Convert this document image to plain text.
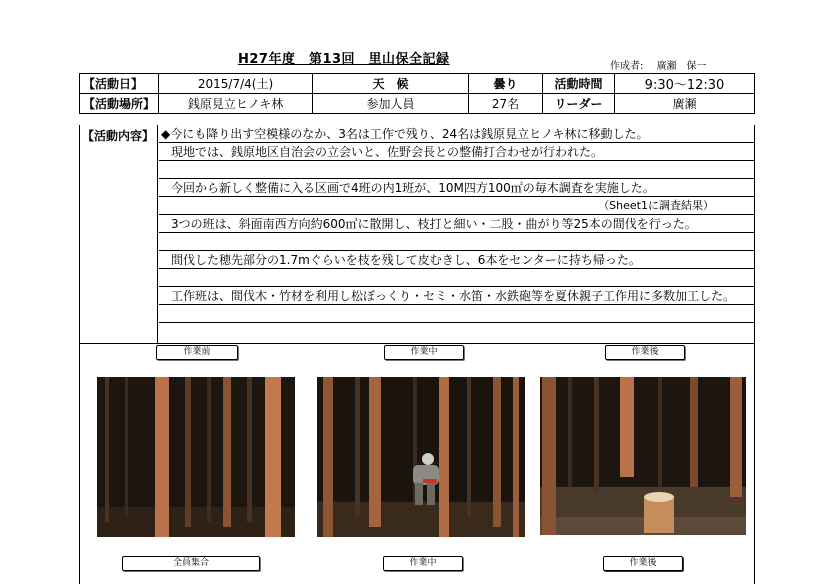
H27年度　第13回　里山保全記録	作成者: 廣瀬　保一
【活動日】	2015/7/4(土)	天　候	曇り	活動時間	9:30～12:30
【活動場所】	銭原見立ヒノキ林	参加人員	27名	リーダー	廣瀬
【活動内容】 ◆今にも降り出す空模様のなか、3名は工作で残り、24名は銭原見立ヒノキ林に移動した。
現地では、銭原地区自治会の立会いと、佐野会長との整備打合わせが行われた。
今回から新しく整備に入る区画で4班の内1班が、10M四方100㎡の毎木調査を実施した。
（Sheet1に調査結果）
3つの班は、斜面南西方向約600㎡に散開し、枝打と細い・二股・曲がり等25本の間伐を行った。
間伐した穂先部分の1.7mぐらいを枝を残して皮むきし、6本をセンターに持ち帰った。
工作班は、間伐木・竹材を利用し松ぼっくり・セミ・水笛・水鉄砲等を夏休親子工作用に多数加工した。
作業前	作業中	作業後
全員集合	作業中	作業後
